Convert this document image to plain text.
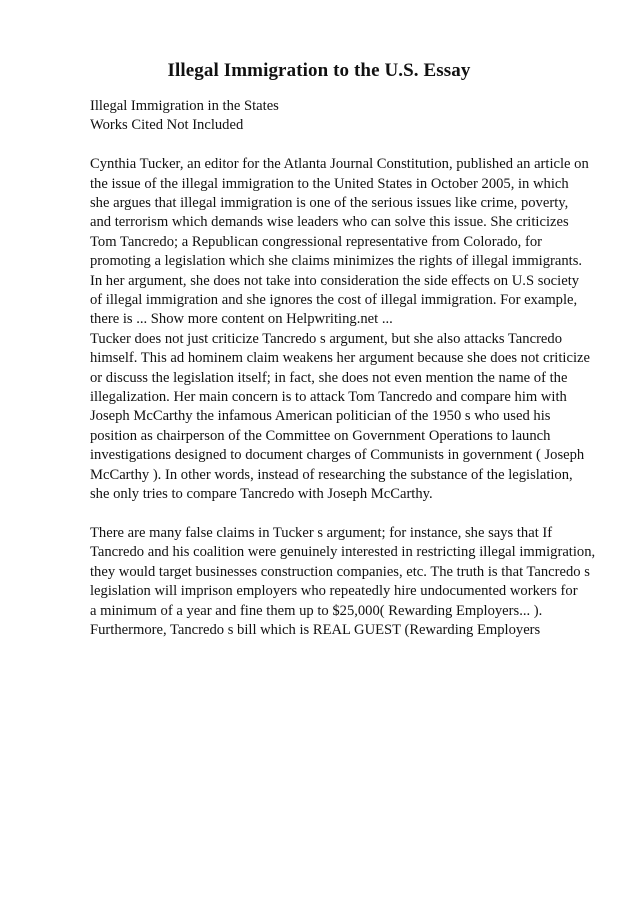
Illegal Immigration to the U.S. Essay
Illegal Immigration in the States
Works Cited Not Included
Cynthia Tucker, an editor for the Atlanta Journal Constitution, published an article on
the issue of the illegal immigration to the United States in October 2005, in which
she argues that illegal immigration is one of the serious issues like crime, poverty,
and terrorism which demands wise leaders who can solve this issue. She criticizes
Tom Tancredo; a Republican congressional representative from Colorado, for
promoting a legislation which she claims minimizes the rights of illegal immigrants.
In her argument, she does not take into consideration the side effects on U.S society
of illegal immigration and she ignores the cost of illegal immigration. For example,
there is ... Show more content on Helpwriting.net ...
Tucker does not just criticize Tancredo s argument, but she also attacks Tancredo
himself. This ad hominem claim weakens her argument because she does not criticize
or discuss the legislation itself; in fact, she does not even mention the name of the
illegalization. Her main concern is to attack Tom Tancredo and compare him with
Joseph McCarthy the infamous American politician of the 1950 s who used his
position as chairperson of the Committee on Government Operations to launch
investigations designed to document charges of Communists in government ( Joseph
McCarthy ). In other words, instead of researching the substance of the legislation,
she only tries to compare Tancredo with Joseph McCarthy.
There are many false claims in Tucker s argument; for instance, she says that If
Tancredo and his coalition were genuinely interested in restricting illegal immigration,
they would target businesses construction companies, etc. The truth is that Tancredo s
legislation will imprison employers who repeatedly hire undocumented workers for
a minimum of a year and fine them up to $25,000( Rewarding Employers... ).
Furthermore, Tancredo s bill which is REAL GUEST (Rewarding Employers
